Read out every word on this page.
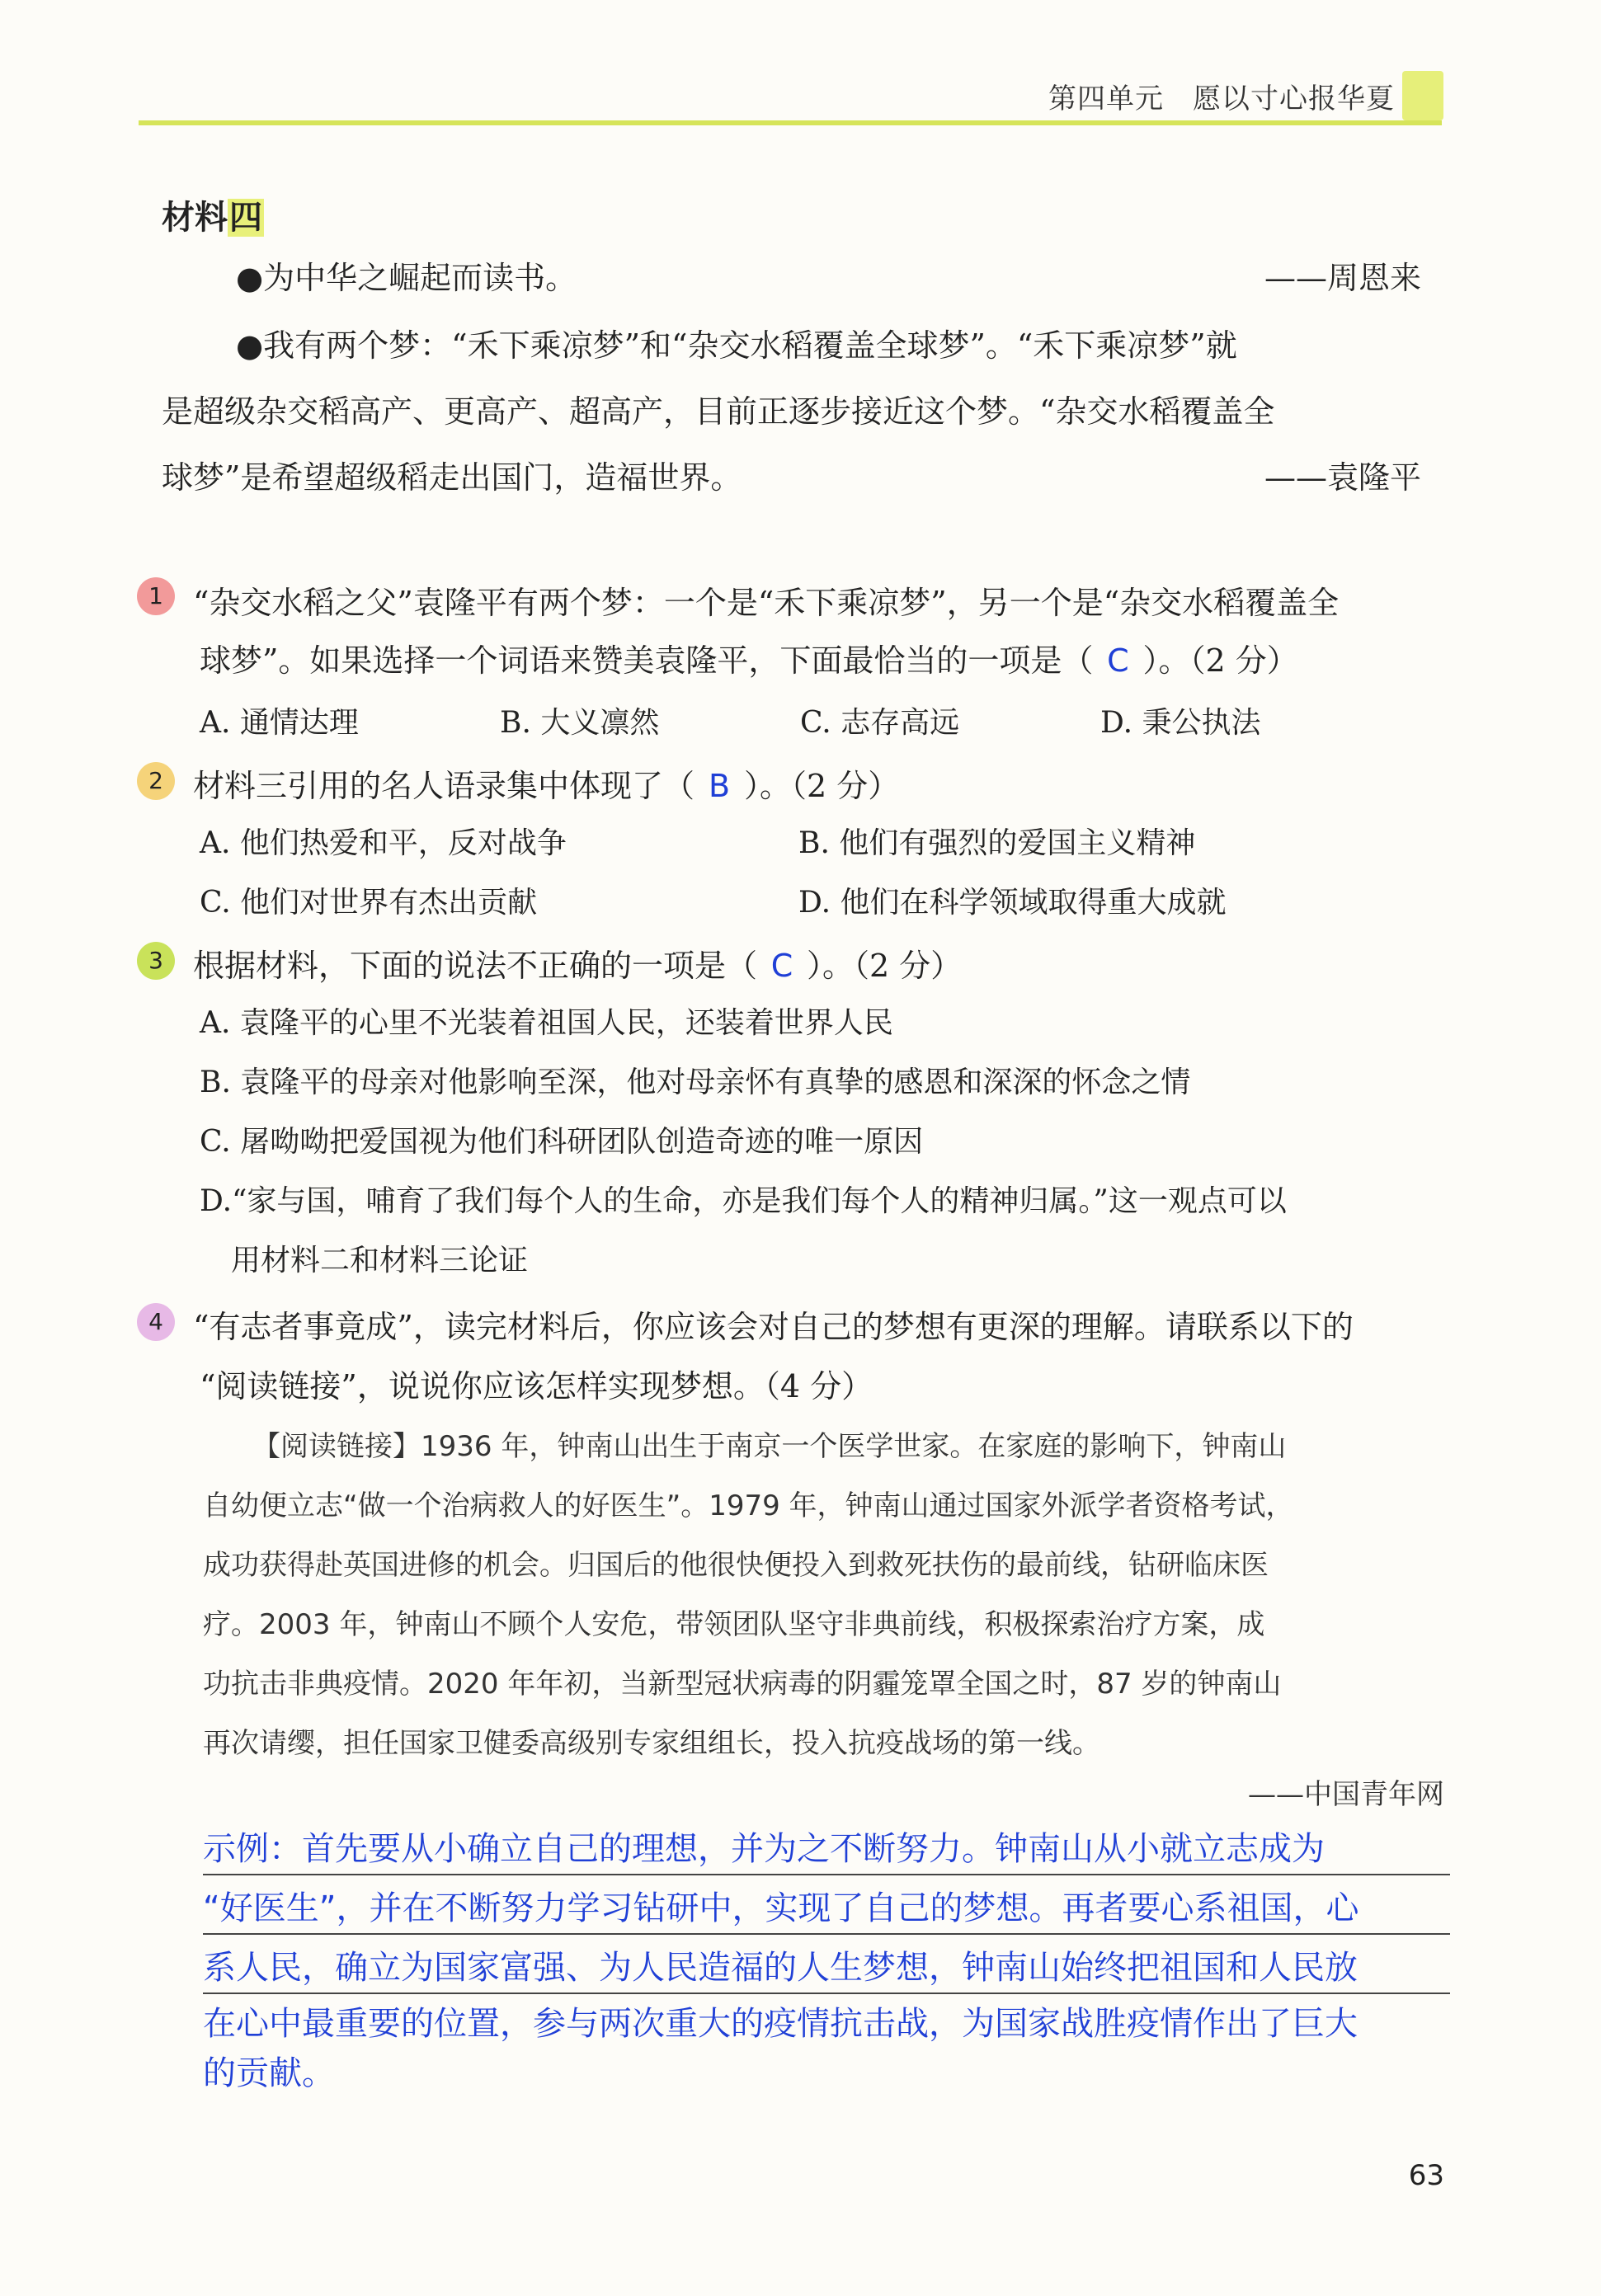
第四单元　愿以寸心报华夏
材料四
●为中华之崛起而读书。	——周恩来
●我有两个梦：“禾下乘凉梦”和“杂交水稻覆盖全球梦”。“禾下乘凉梦”就
是超级杂交稻高产、更高产、超高产，目前正逐步接近这个梦。“杂交水稻覆盖全
球梦”是希望超级稻走出国门，造福世界。	——袁隆平
1 “杂交水稻之父”袁隆平有两个梦：一个是“禾下乘凉梦”，另一个是“杂交水稻覆盖全
球梦”。如果选择一个词语来赞美袁隆平，下面最恰当的一项是（ C ）。（2 分）
A. 通情达理	B. 大义凛然	C. 志存高远	D. 秉公执法
2 材料三引用的名人语录集中体现了（ B ）。（2 分）
A. 他们热爱和平，反对战争	B. 他们有强烈的爱国主义精神
C. 他们对世界有杰出贡献	D. 他们在科学领域取得重大成就
3 根据材料，下面的说法不正确的一项是（ C ）。（2 分）
A. 袁隆平的心里不光装着祖国人民，还装着世界人民
B. 袁隆平的母亲对他影响至深，他对母亲怀有真挚的感恩和深深的怀念之情
C. 屠呦呦把爱国视为他们科研团队创造奇迹的唯一原因
D.“家与国，哺育了我们每个人的生命，亦是我们每个人的精神归属。”这一观点可以
用材料二和材料三论证
4 “有志者事竟成”，读完材料后，你应该会对自己的梦想有更深的理解。请联系以下的
“阅读链接”，说说你应该怎样实现梦想。（4 分）
【阅读链接】1936 年，钟南山出生于南京一个医学世家。在家庭的影响下，钟南山
自幼便立志“做一个治病救人的好医生”。1979 年，钟南山通过国家外派学者资格考试，
成功获得赴英国进修的机会。归国后的他很快便投入到救死扶伤的最前线，钻研临床医
疗。2003 年，钟南山不顾个人安危，带领团队坚守非典前线，积极探索治疗方案，成
功抗击非典疫情。2020 年年初，当新型冠状病毒的阴霾笼罩全国之时，87 岁的钟南山
再次请缨，担任国家卫健委高级别专家组组长，投入抗疫战场的第一线。
——中国青年网
示例：首先要从小确立自己的理想，并为之不断努力。钟南山从小就立志成为
“好医生”，并在不断努力学习钻研中，实现了自己的梦想。再者要心系祖国，心
系人民，确立为国家富强、为人民造福的人生梦想，钟南山始终把祖国和人民放
在心中最重要的位置，参与两次重大的疫情抗击战，为国家战胜疫情作出了巨大
的贡献。
63
